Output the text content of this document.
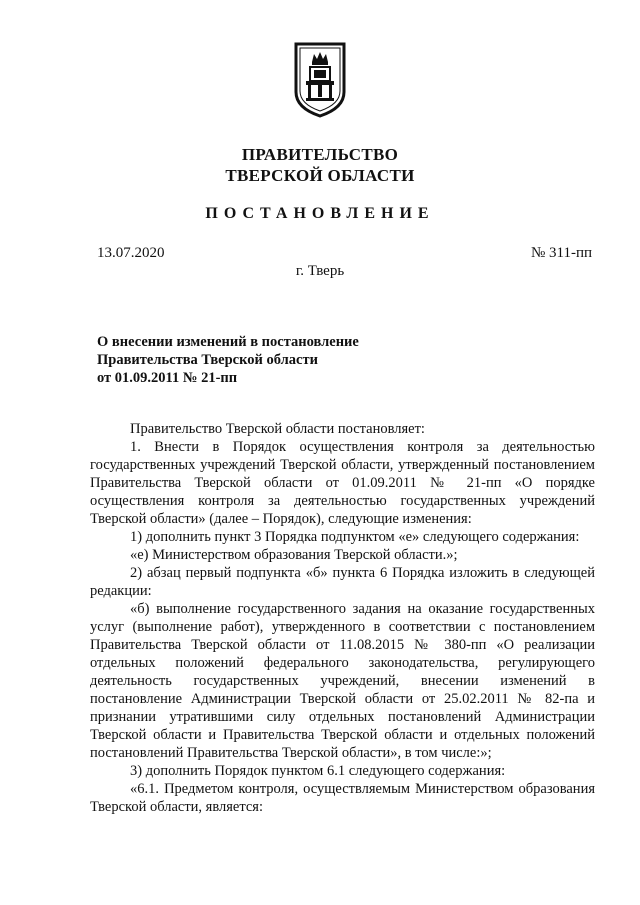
ПРАВИТЕЛЬСТВО
ТВЕРСКОЙ ОБЛАСТИ
ПОСТАНОВЛЕНИЕ
13.07.2020	№ 311-пп
г. Тверь
О внесении изменений в постановление
Правительства Тверской области
от 01.09.2011 № 21-пп

Правительство Тверской области постановляет:

1. Внести в Порядок осуществления контроля за деятельностью государственных учреждений Тверской области, утвержденный постановлением Правительства Тверской области от 01.09.2011 № 21-пп «О порядке осуществления контроля за деятельностью государственных учреждений Тверской области» (далее – Порядок), следующие изменения:

1) дополнить пункт 3 Порядка подпунктом «е» следующего содержания:

«е) Министерством образования Тверской области.»;

2) абзац первый подпункта «б» пункта 6 Порядка изложить в следующей редакции:

«б) выполнение государственного задания на оказание государственных услуг (выполнение работ), утвержденного в соответствии с постановлением Правительства Тверской области от 11.08.2015 № 380-пп «О реализации отдельных положений федерального законодательства, регулирующего деятельность государственных учреждений, внесении изменений в постановление Администрации Тверской области от 25.02.2011 № 82-па и признании утратившими силу отдельных постановлений Администрации Тверской области и Правительства Тверской области и отдельных положений постановлений Правительства Тверской области», в том числе:»;

3) дополнить Порядок пунктом 6.1 следующего содержания:

«6.1. Предметом контроля, осуществляемым Министерством образования Тверской области, является:
